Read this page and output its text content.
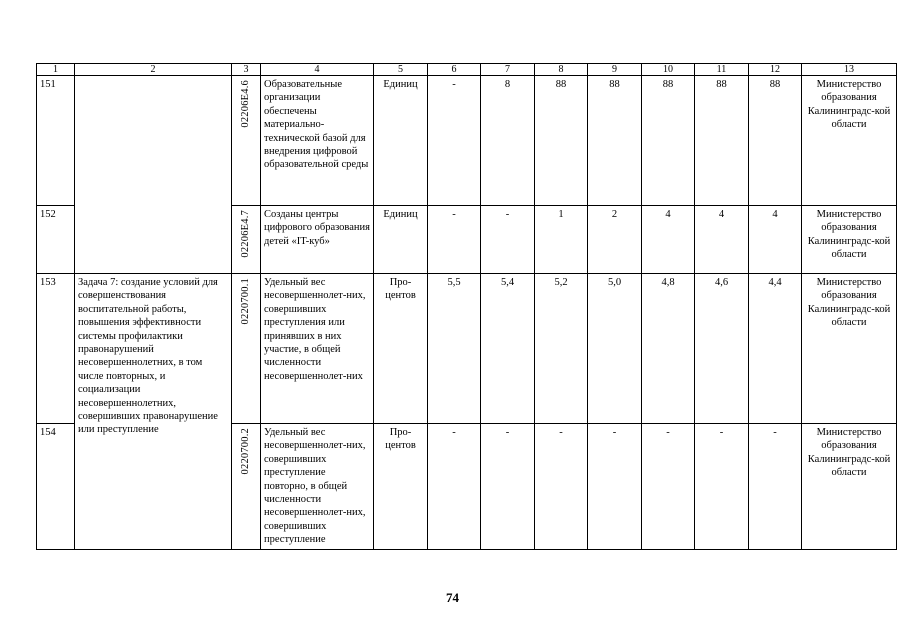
1	2	3	4	5	6	7	8	9	10	11	12	13
151		02206E4.6	Образовательные организации обеспечены материально-технической базой для внедрения цифровой образовательной среды	Единиц	-	8	88	88	88	88	88	Министерство образования Калининградс-кой области
152		02206E4.7	Созданы центры цифрового образования детей «IT-куб»	Единиц	-	-	1	2	4	4	4	Министерство образования Калининградс-кой области
153	Задача 7: создание условий для совершенствования воспитательной работы, повышения эффективности системы профилактики правонарушений несовершеннолетних, в том числе повторных, и социализации несовершеннолетних, совершивших правонарушение или преступление	0220700.1	Удельный вес несовершеннолет-них, совершивших преступления или принявших в них участие, в общей численности несовершеннолет-них	Про-центов	5,5	5,4	5,2	5,0	4,8	4,6	4,4	Министерство образования Калининградс-кой области
154		0220700.2	Удельный вес несовершеннолет-них, совершивших преступление повторно, в общей численности несовершеннолет-них, совершивших преступление	Про-центов	-	-	-	-	-	-	-	Министерство образования Калининградс-кой области
74
